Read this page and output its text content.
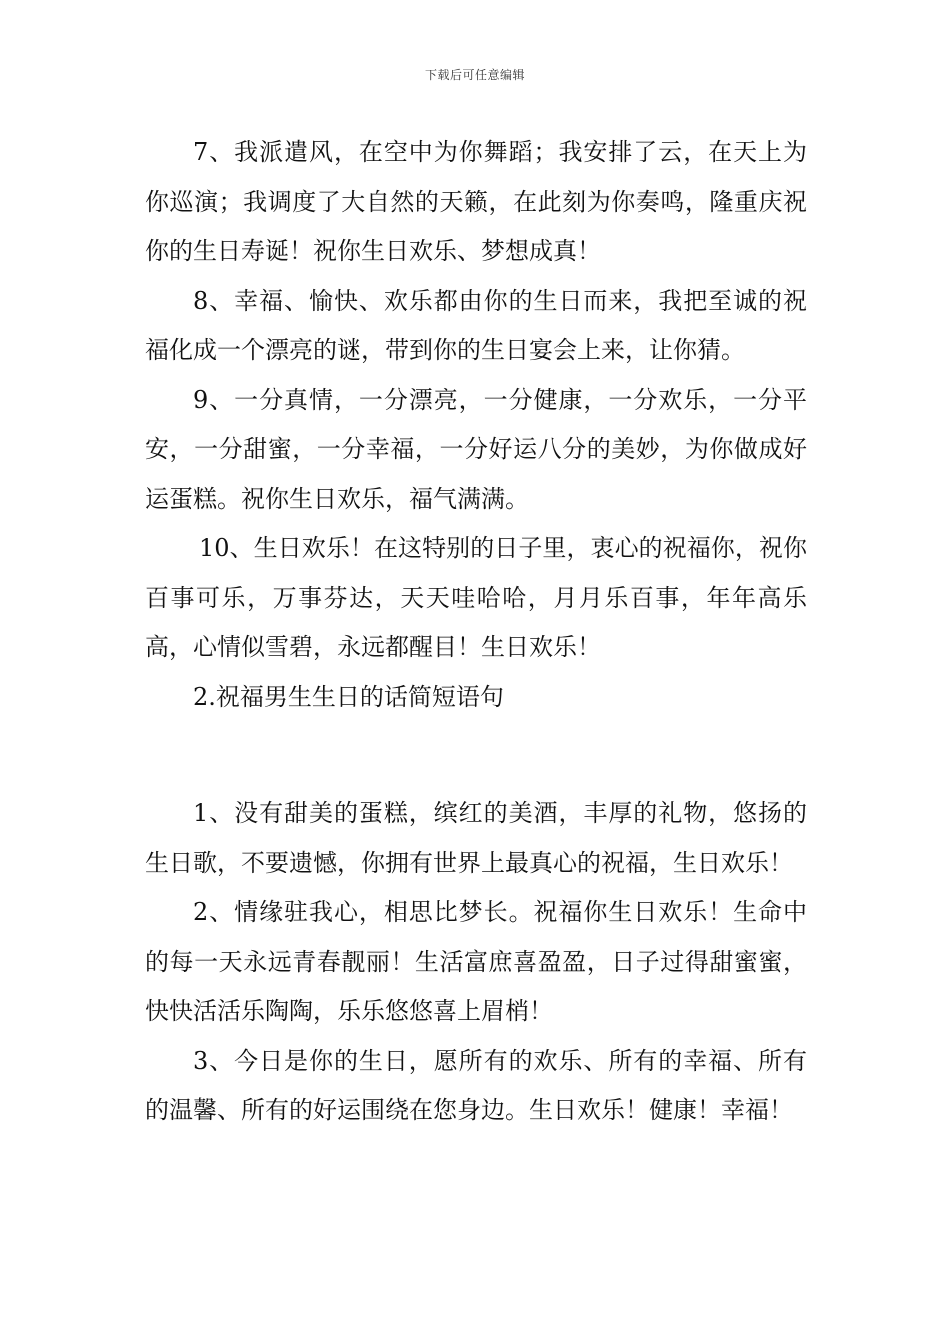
下载后可任意编辑

7、我派遣风，在空中为你舞蹈；我安排了云，在天上为你巡演；我调度了大自然的天籁，在此刻为你奏鸣，隆重庆祝你的生日寿诞！祝你生日欢乐、梦想成真！

8、幸福、愉快、欢乐都由你的生日而来，我把至诚的祝福化成一个漂亮的谜，带到你的生日宴会上来，让你猜。

9、一分真情，一分漂亮，一分健康，一分欢乐，一分平安，一分甜蜜，一分幸福，一分好运八分的美妙，为你做成好运蛋糕。祝你生日欢乐，福气满满。

10、生日欢乐！在这特别的日子里，衷心的祝福你，祝你百事可乐，万事芬达，天天哇哈哈，月月乐百事，年年高乐高，心情似雪碧，永远都醒目！生日欢乐！

2.祝福男生生日的话简短语句

1、没有甜美的蛋糕，缤红的美酒，丰厚的礼物，悠扬的生日歌，不要遗憾，你拥有世界上最真心的祝福，生日欢乐！

2、情缘驻我心，相思比梦长。祝福你生日欢乐！生命中的每一天永远青春靓丽！生活富庶喜盈盈，日子过得甜蜜蜜，快快活活乐陶陶，乐乐悠悠喜上眉梢！

3、今日是你的生日，愿所有的欢乐、所有的幸福、所有的温馨、所有的好运围绕在您身边。生日欢乐！健康！幸福！
